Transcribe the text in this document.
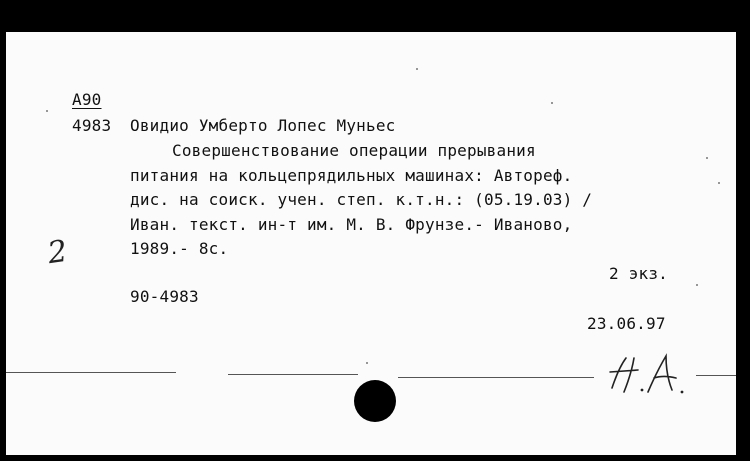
А90
4983 Овидио Умберто Лопес Муньес
Совершенствование операции прерывания
питания на кольцепрядильных машинах: Автореф.
дис. на соиск. учен. степ. к.т.н.: (05.19.03) /
Иван. текст. ин-т им. М. В. Фрунзе.- Иваново,
1989.- 8с.
2
2 экз.
90-4983
23.06.97
